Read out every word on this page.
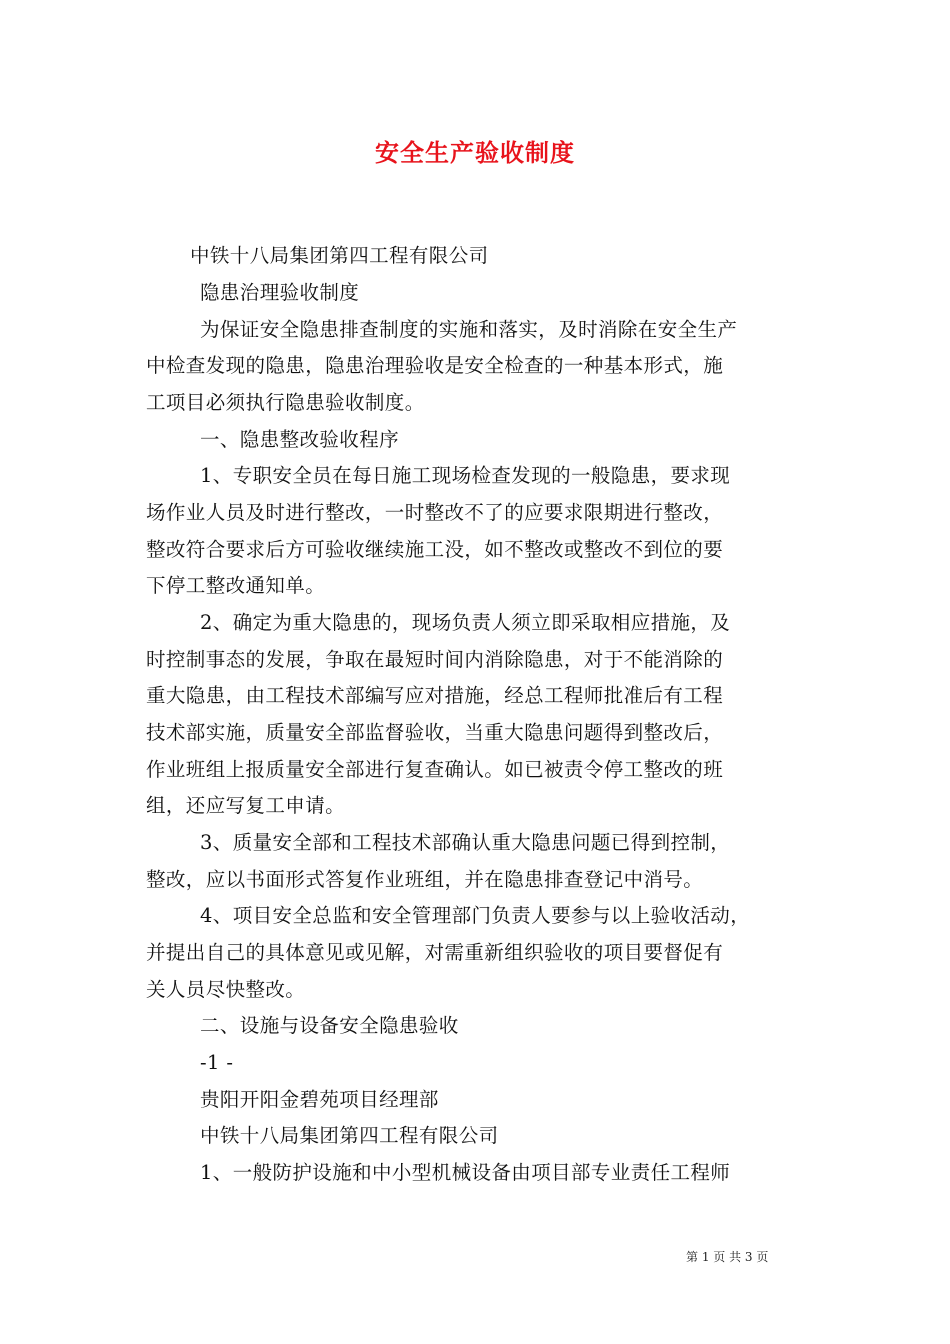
安全生产验收制度
中铁十八局集团第四工程有限公司
隐患治理验收制度
为保证安全隐患排查制度的实施和落实，及时消除在安全生产
中检查发现的隐患，隐患治理验收是安全检查的一种基本形式，施
工项目必须执行隐患验收制度。
一、隐患整改验收程序
1、专职安全员在每日施工现场检查发现的一般隐患，要求现
场作业人员及时进行整改，一时整改不了的应要求限期进行整改，
整改符合要求后方可验收继续施工没，如不整改或整改不到位的要
下停工整改通知单。
2、确定为重大隐患的，现场负责人须立即采取相应措施，及
时控制事态的发展，争取在最短时间内消除隐患，对于不能消除的
重大隐患，由工程技术部编写应对措施，经总工程师批准后有工程
技术部实施，质量安全部监督验收，当重大隐患问题得到整改后，
作业班组上报质量安全部进行复查确认。如已被责令停工整改的班
组，还应写复工申请。
3、质量安全部和工程技术部确认重大隐患问题已得到控制，
整改，应以书面形式答复作业班组，并在隐患排查登记中消号。
4、项目安全总监和安全管理部门负责人要参与以上验收活动，
并提出自己的具体意见或见解，对需重新组织验收的项目要督促有
关人员尽快整改。
二、设施与设备安全隐患验收
-1 -
贵阳开阳金碧苑项目经理部
中铁十八局集团第四工程有限公司
1、一般防护设施和中小型机械设备由项目部专业责任工程师
第 1 页 共 3 页
